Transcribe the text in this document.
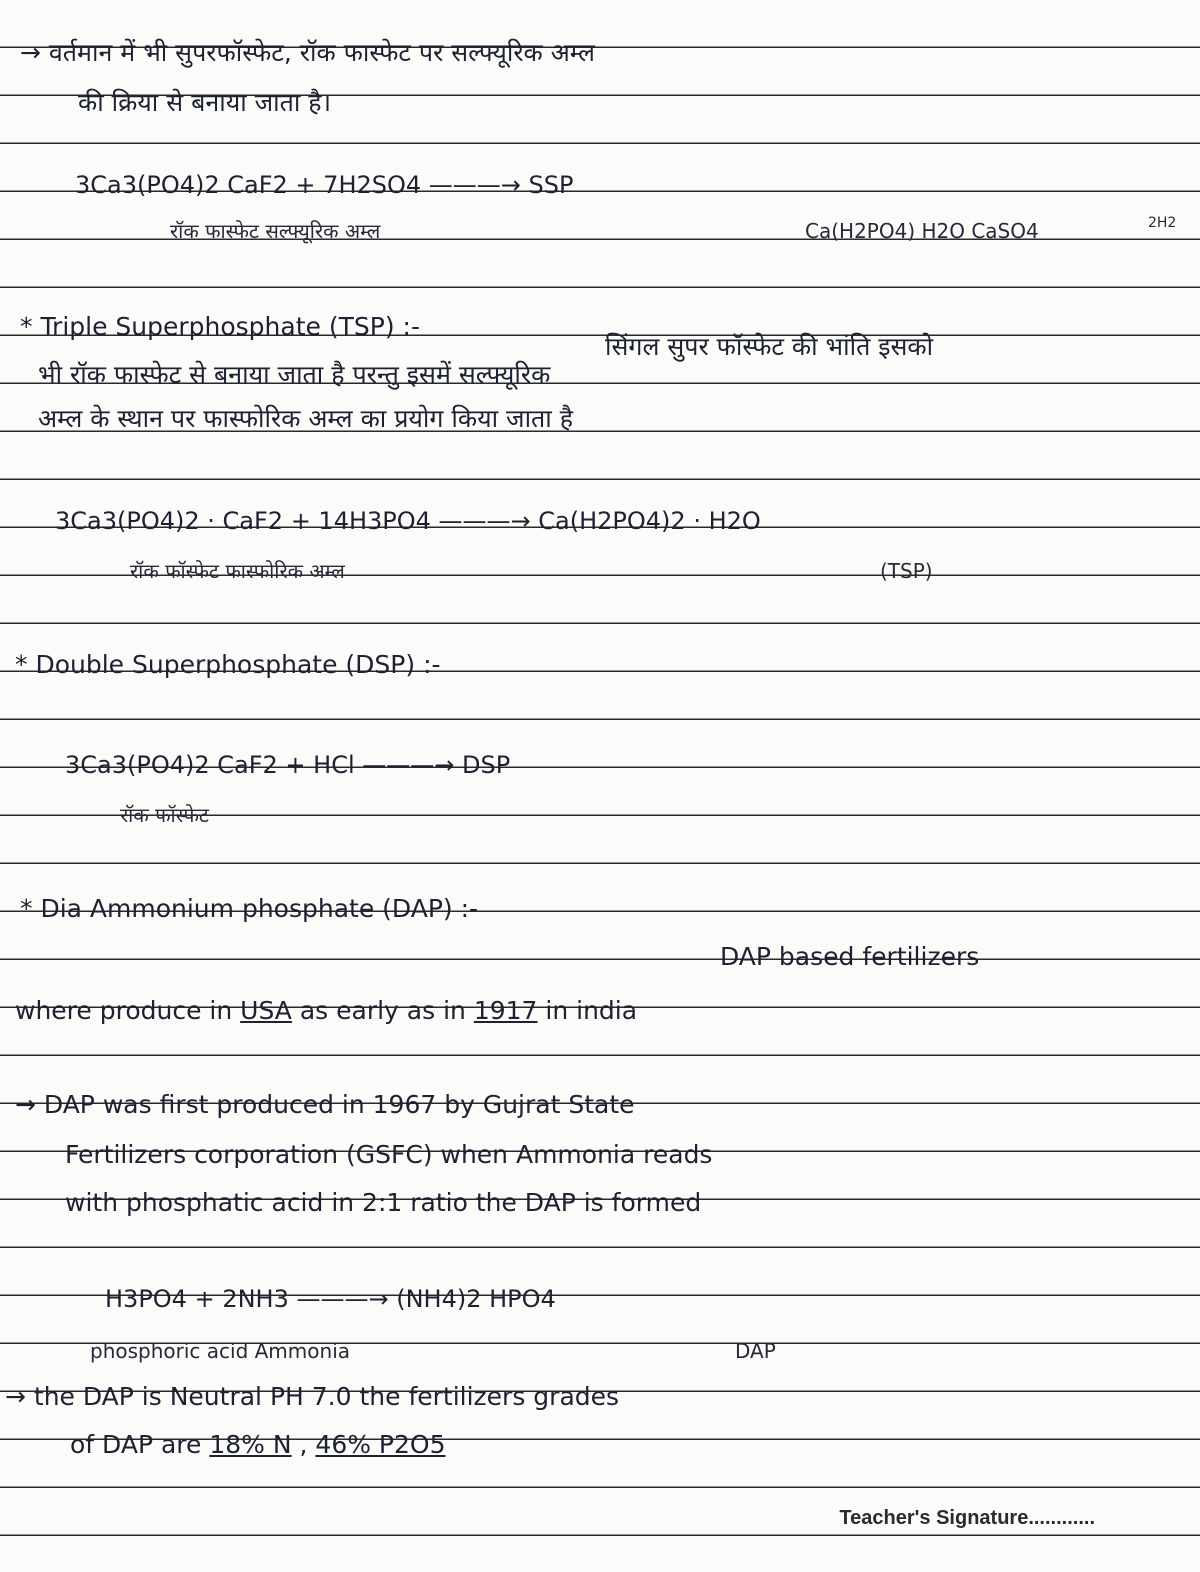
→ वर्तमान में भी सुपरफॉस्फेट, रॉक फास्फेट पर सल्फ्यूरिक अम्ल

की क्रिया से बनाया जाता है।

3Ca3(PO4)2 CaF2 + 7H2SO4 ———→ SSP

रॉक फास्फेट सल्फ्यूरिक अम्ल	Ca(H2PO4) H2O CaSO4	2H2

* Triple Superphosphate (TSP) :-

सिंगल सुपर फॉस्फेट की भांति इसको

भी रॉक फास्फेट से बनाया जाता है परन्तु इसमें सल्फ्यूरिक

अम्ल के स्थान पर फास्फोरिक अम्ल का प्रयोग किया जाता है

3Ca3(PO4)2 · CaF2 + 14H3PO4 ———→ Ca(H2PO4)2 · H2O

रॉक फॉस्फेट फास्फोरिक अम्ल	(TSP)

* Double Superphosphate (DSP) :-

3Ca3(PO4)2 CaF2 + HCl ———→ DSP

रॉक फॉस्फेट

* Dia Ammonium phosphate (DAP) :-

DAP based fertilizers

where produce in USA as early as in 1917 in india

→ DAP was first produced in 1967 by Gujrat State

Fertilizers corporation (GSFC) when Ammonia reads

with phosphatic acid in 2:1 ratio the DAP is formed

H3PO4 + 2NH3 ———→ (NH4)2 HPO4

phosphoric acid Ammonia	DAP

→ the DAP is Neutral PH 7.0 the fertilizers grades

of DAP are 18% N , 46% P2O5

Teacher's Signature............
